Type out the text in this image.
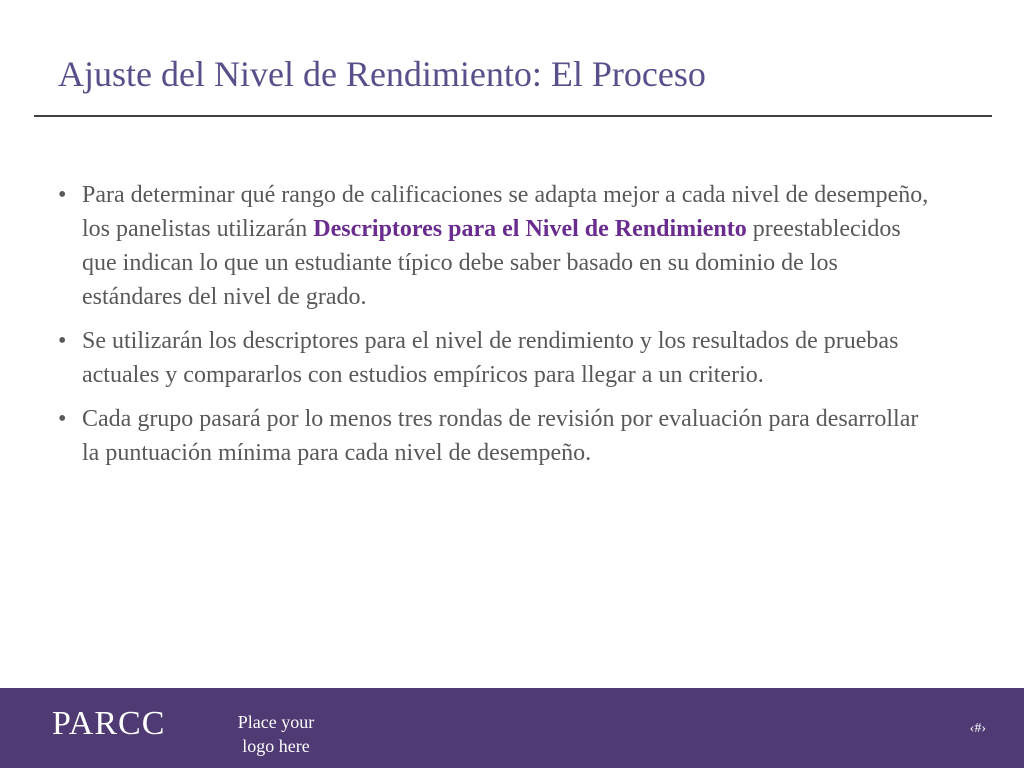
Ajuste del Nivel de Rendimiento: El Proceso
• Para determinar qué rango de calificaciones se adapta mejor a cada nivel de desempeño, los panelistas utilizarán Descriptores para el Nivel de Rendimiento preestablecidos que indican lo que un estudiante típico debe saber basado en su dominio de los estándares del nivel de grado.
• Se utilizarán los descriptores para el nivel de rendimiento y los resultados de pruebas actuales y compararlos con estudios empíricos para llegar a un criterio.
• Cada grupo pasará por lo menos tres rondas de revisión por evaluación para desarrollar la puntuación mínima para cada nivel de desempeño.
PARCC	Place your
logo here
‹#›
